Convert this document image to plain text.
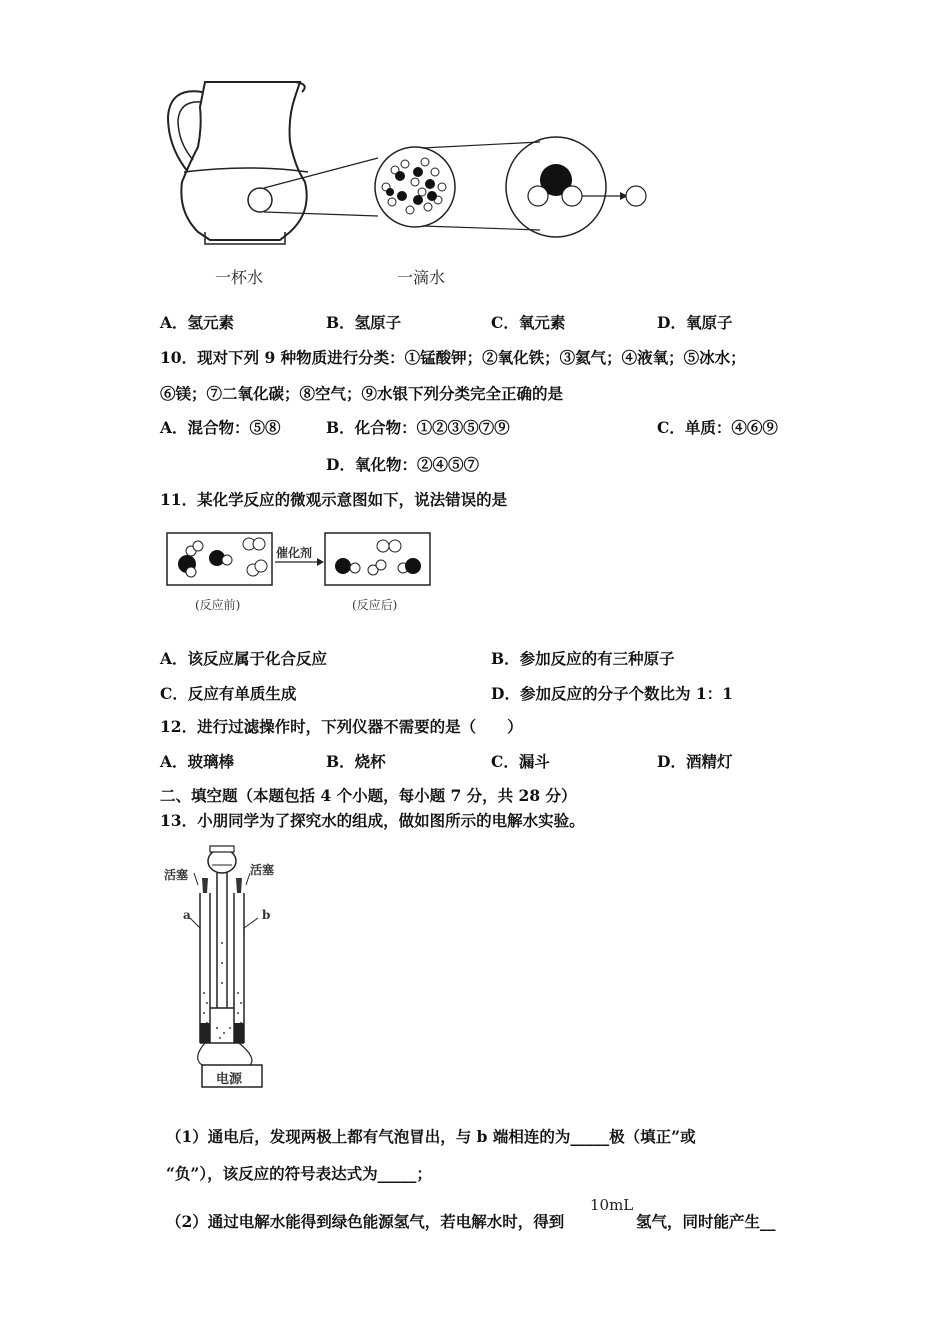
一杯水	一滴水
A．氢元素	B．氢原子	C．氧元素	D．氧原子
10．现对下列 9 种物质进行分类：①锰酸钾；②氧化铁；③氦气；④液氧；⑤冰水；
⑥镁；⑦二氧化碳；⑧空气；⑨水银下列分类完全正确的是
A．混合物：⑤⑧	B．化合物：①②③⑤⑦⑨	C．单质：④⑥⑨
D．氧化物：②④⑤⑦
11．某化学反应的微观示意图如下，说法错误的是
催化剂
(反应前)	(反应后)
A．该反应属于化合反应	B．参加反应的有三种原子
C．反应有单质生成	D．参加反应的分子个数比为 1：1
12．进行过滤操作时，下列仪器不需要的是（　　）
A．玻璃棒	B．烧杯	C．漏斗	D．酒精灯
二、填空题（本题包括 4 个小题，每小题 7 分，共 28 分）
13．小朋同学为了探究水的组成，做如图所示的电解水实验。
活塞	活塞
a	b
电源
（1）通电后，发现两极上都有气泡冒出，与 b 端相连的为_____极（填正”或
“负”），该反应的符号表达式为_____；
（2）通过电解水能得到绿色能源氢气，若电解水时，得到
10mL
氢气，同时能产生__
